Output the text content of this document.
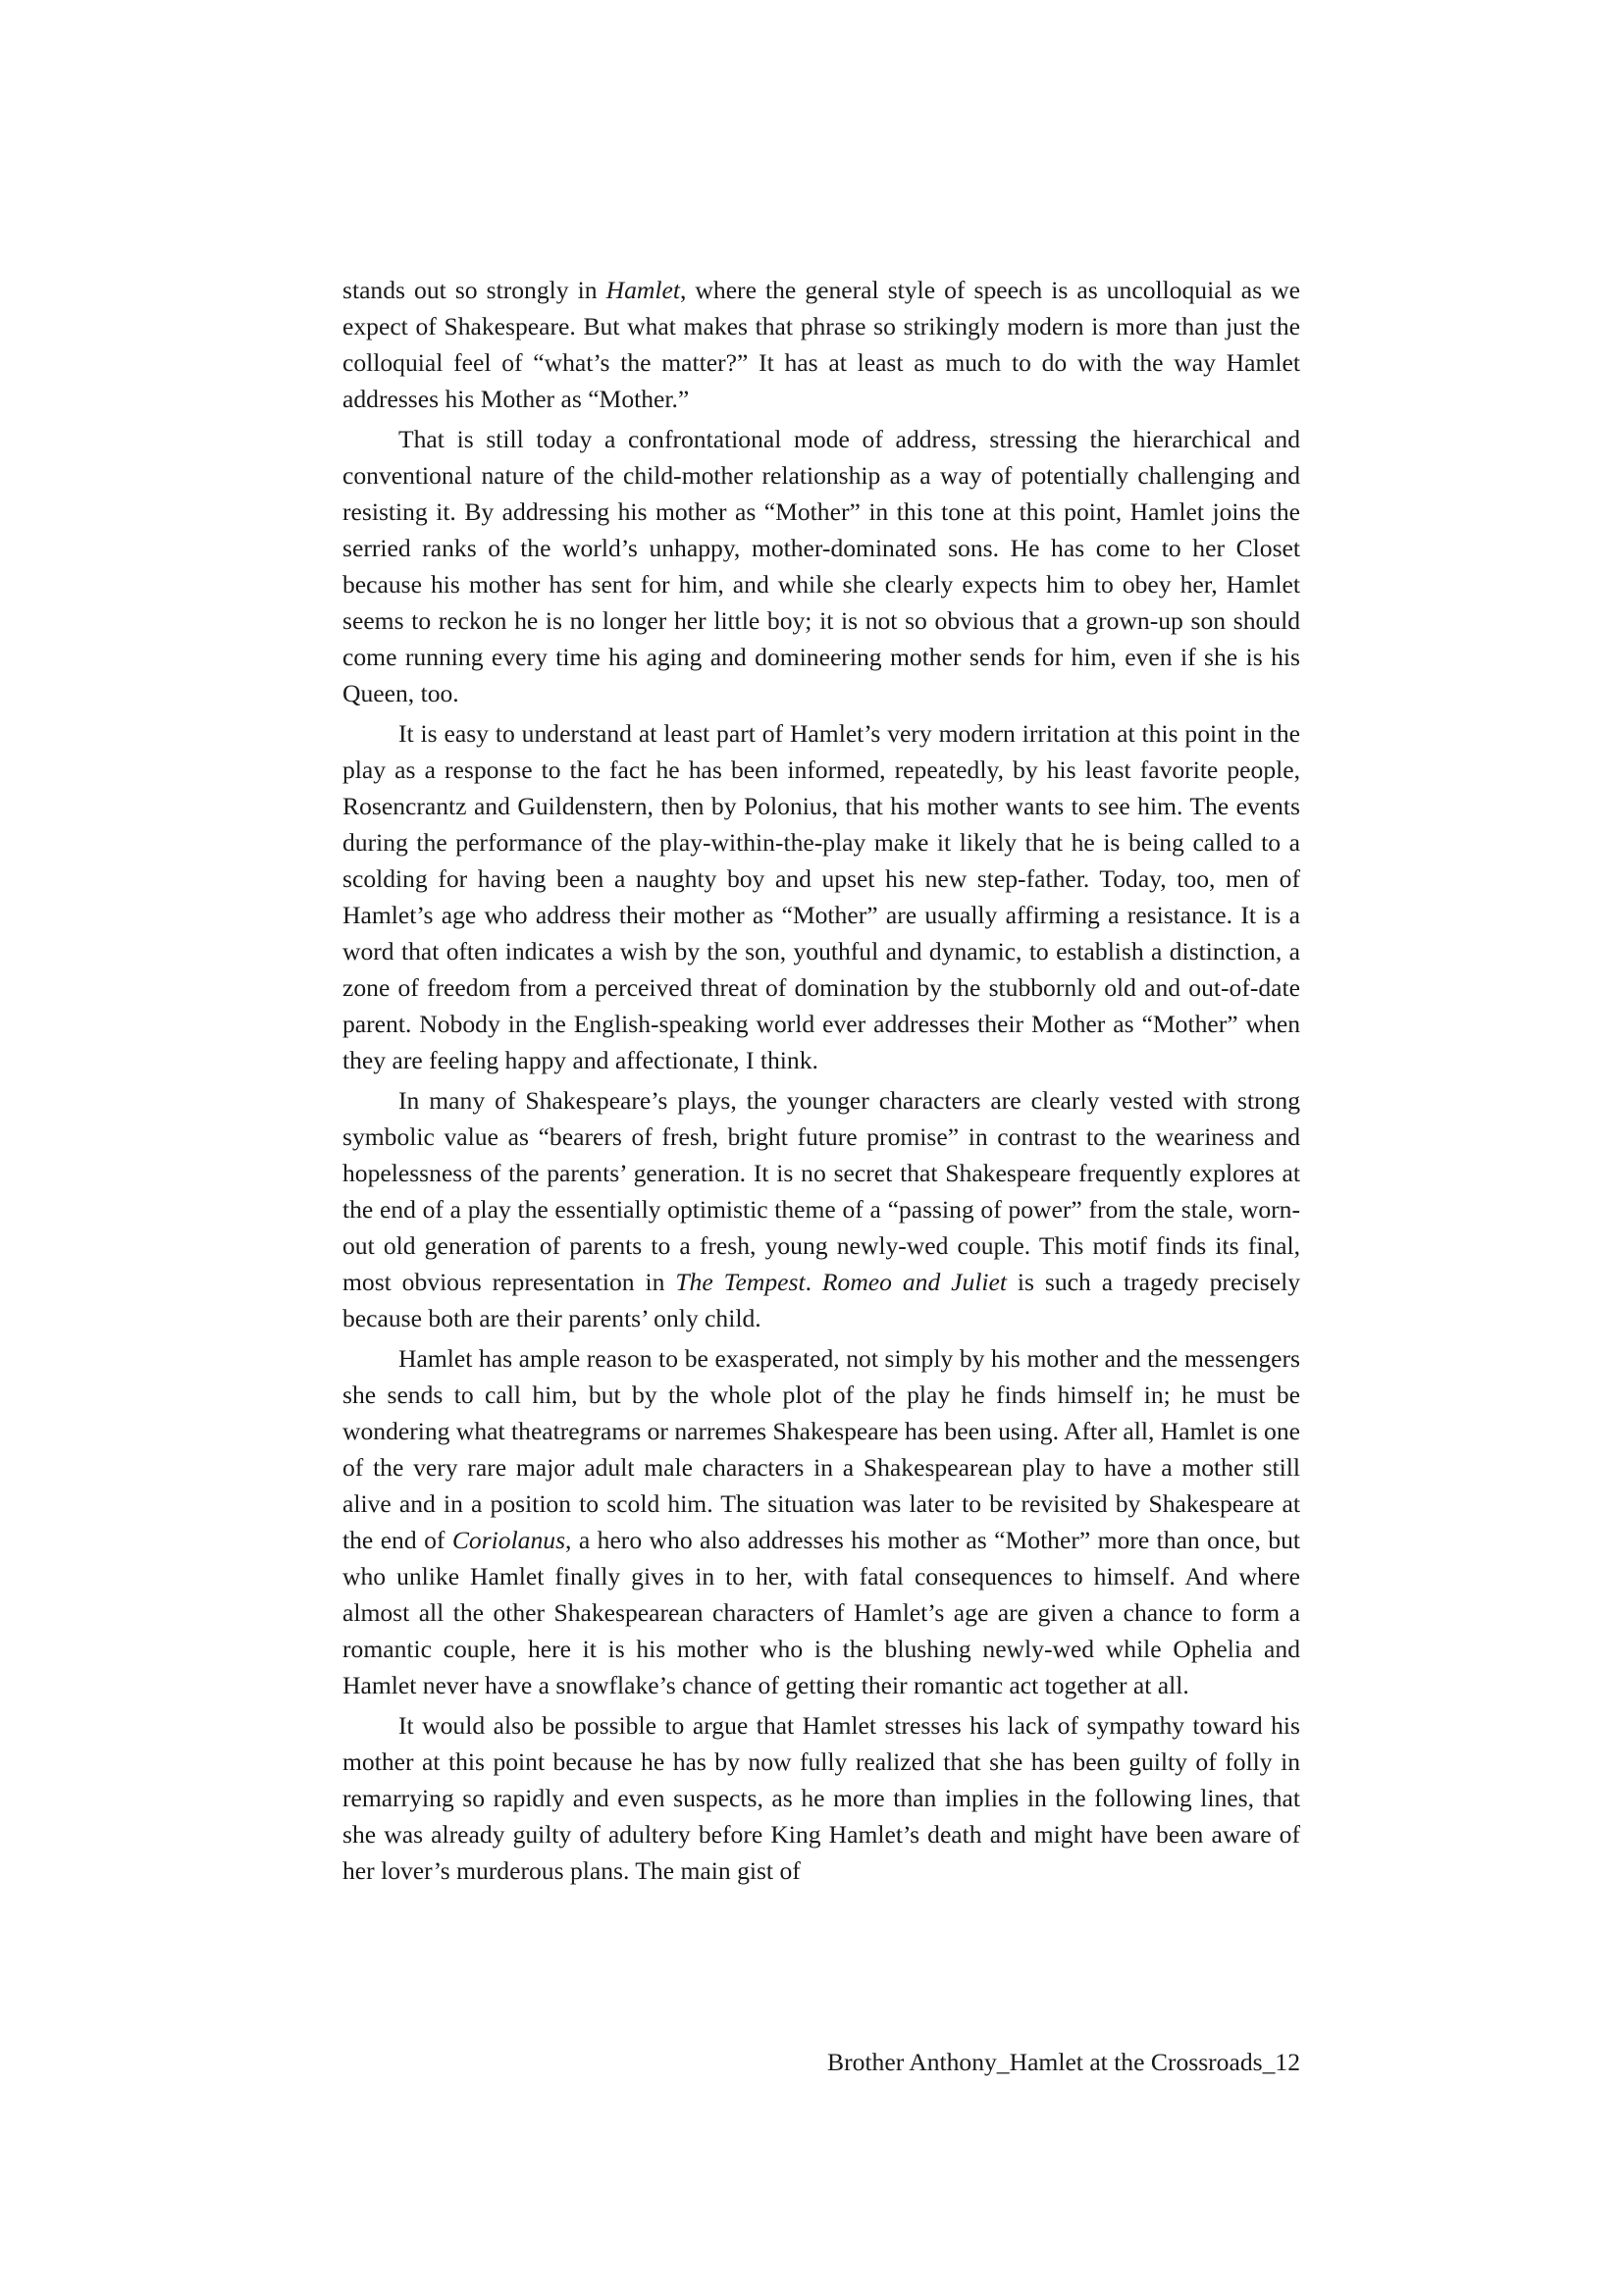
stands out so strongly in Hamlet, where the general style of speech is as uncolloquial as we expect of Shakespeare. But what makes that phrase so strikingly modern is more than just the colloquial feel of “what’s the matter?” It has at least as much to do with the way Hamlet addresses his Mother as “Mother.”

That is still today a confrontational mode of address, stressing the hierarchical and conventional nature of the child-mother relationship as a way of potentially challenging and resisting it. By addressing his mother as “Mother” in this tone at this point, Hamlet joins the serried ranks of the world’s unhappy, mother-dominated sons. He has come to her Closet because his mother has sent for him, and while she clearly expects him to obey her, Hamlet seems to reckon he is no longer her little boy; it is not so obvious that a grown-up son should come running every time his aging and domineering mother sends for him, even if she is his Queen, too.

It is easy to understand at least part of Hamlet’s very modern irritation at this point in the play as a response to the fact he has been informed, repeatedly, by his least favorite people, Rosencrantz and Guildenstern, then by Polonius, that his mother wants to see him. The events during the performance of the play-within-the-play make it likely that he is being called to a scolding for having been a naughty boy and upset his new step-father. Today, too, men of Hamlet’s age who address their mother as “Mother” are usually affirming a resistance. It is a word that often indicates a wish by the son, youthful and dynamic, to establish a distinction, a zone of freedom from a perceived threat of domination by the stubbornly old and out-of-date parent. Nobody in the English-speaking world ever addresses their Mother as “Mother” when they are feeling happy and affectionate, I think.

In many of Shakespeare’s plays, the younger characters are clearly vested with strong symbolic value as “bearers of fresh, bright future promise” in contrast to the weariness and hopelessness of the parents’ generation. It is no secret that Shakespeare frequently explores at the end of a play the essentially optimistic theme of a “passing of power” from the stale, worn-out old generation of parents to a fresh, young newly-wed couple. This motif finds its final, most obvious representation in The Tempest. Romeo and Juliet is such a tragedy precisely because both are their parents’ only child.

Hamlet has ample reason to be exasperated, not simply by his mother and the messengers she sends to call him, but by the whole plot of the play he finds himself in; he must be wondering what theatregrams or narremes Shakespeare has been using. After all, Hamlet is one of the very rare major adult male characters in a Shakespearean play to have a mother still alive and in a position to scold him. The situation was later to be revisited by Shakespeare at the end of Coriolanus, a hero who also addresses his mother as “Mother” more than once, but who unlike Hamlet finally gives in to her, with fatal consequences to himself. And where almost all the other Shakespearean characters of Hamlet’s age are given a chance to form a romantic couple, here it is his mother who is the blushing newly-wed while Ophelia and Hamlet never have a snowflake’s chance of getting their romantic act together at all.

It would also be possible to argue that Hamlet stresses his lack of sympathy toward his mother at this point because he has by now fully realized that she has been guilty of folly in remarrying so rapidly and even suspects, as he more than implies in the following lines, that she was already guilty of adultery before King Hamlet’s death and might have been aware of her lover’s murderous plans. The main gist of

Brother Anthony_Hamlet at the Crossroads_12
